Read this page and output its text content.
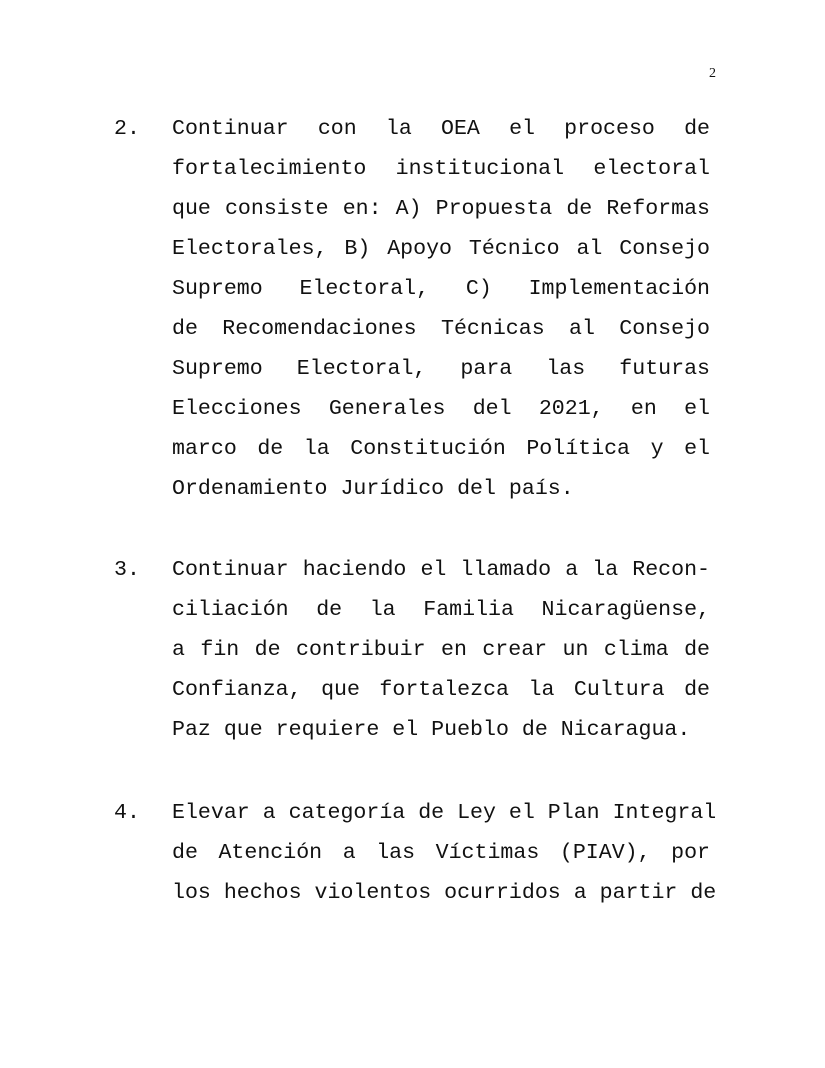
2
2. Continuar con la OEA el proceso de
fortalecimiento institucional electoral
que consiste en: A) Propuesta de Reformas
Electorales, B) Apoyo Técnico al Consejo
Supremo Electoral, C) Implementación
de Recomendaciones Técnicas al Consejo
Supremo Electoral, para las futuras
Elecciones Generales del 2021, en el
marco de la Constitución Política y el
Ordenamiento Jurídico del país.
3. Continuar haciendo el llamado a la Recon-
ciliación de la Familia Nicaragüense,
a fin de contribuir en crear un clima de
Confianza, que fortalezca la Cultura de
Paz que requiere el Pueblo de Nicaragua.
4. Elevar a categoría de Ley el Plan Integral
de Atención a las Víctimas (PIAV), por
los hechos violentos ocurridos a partir de
